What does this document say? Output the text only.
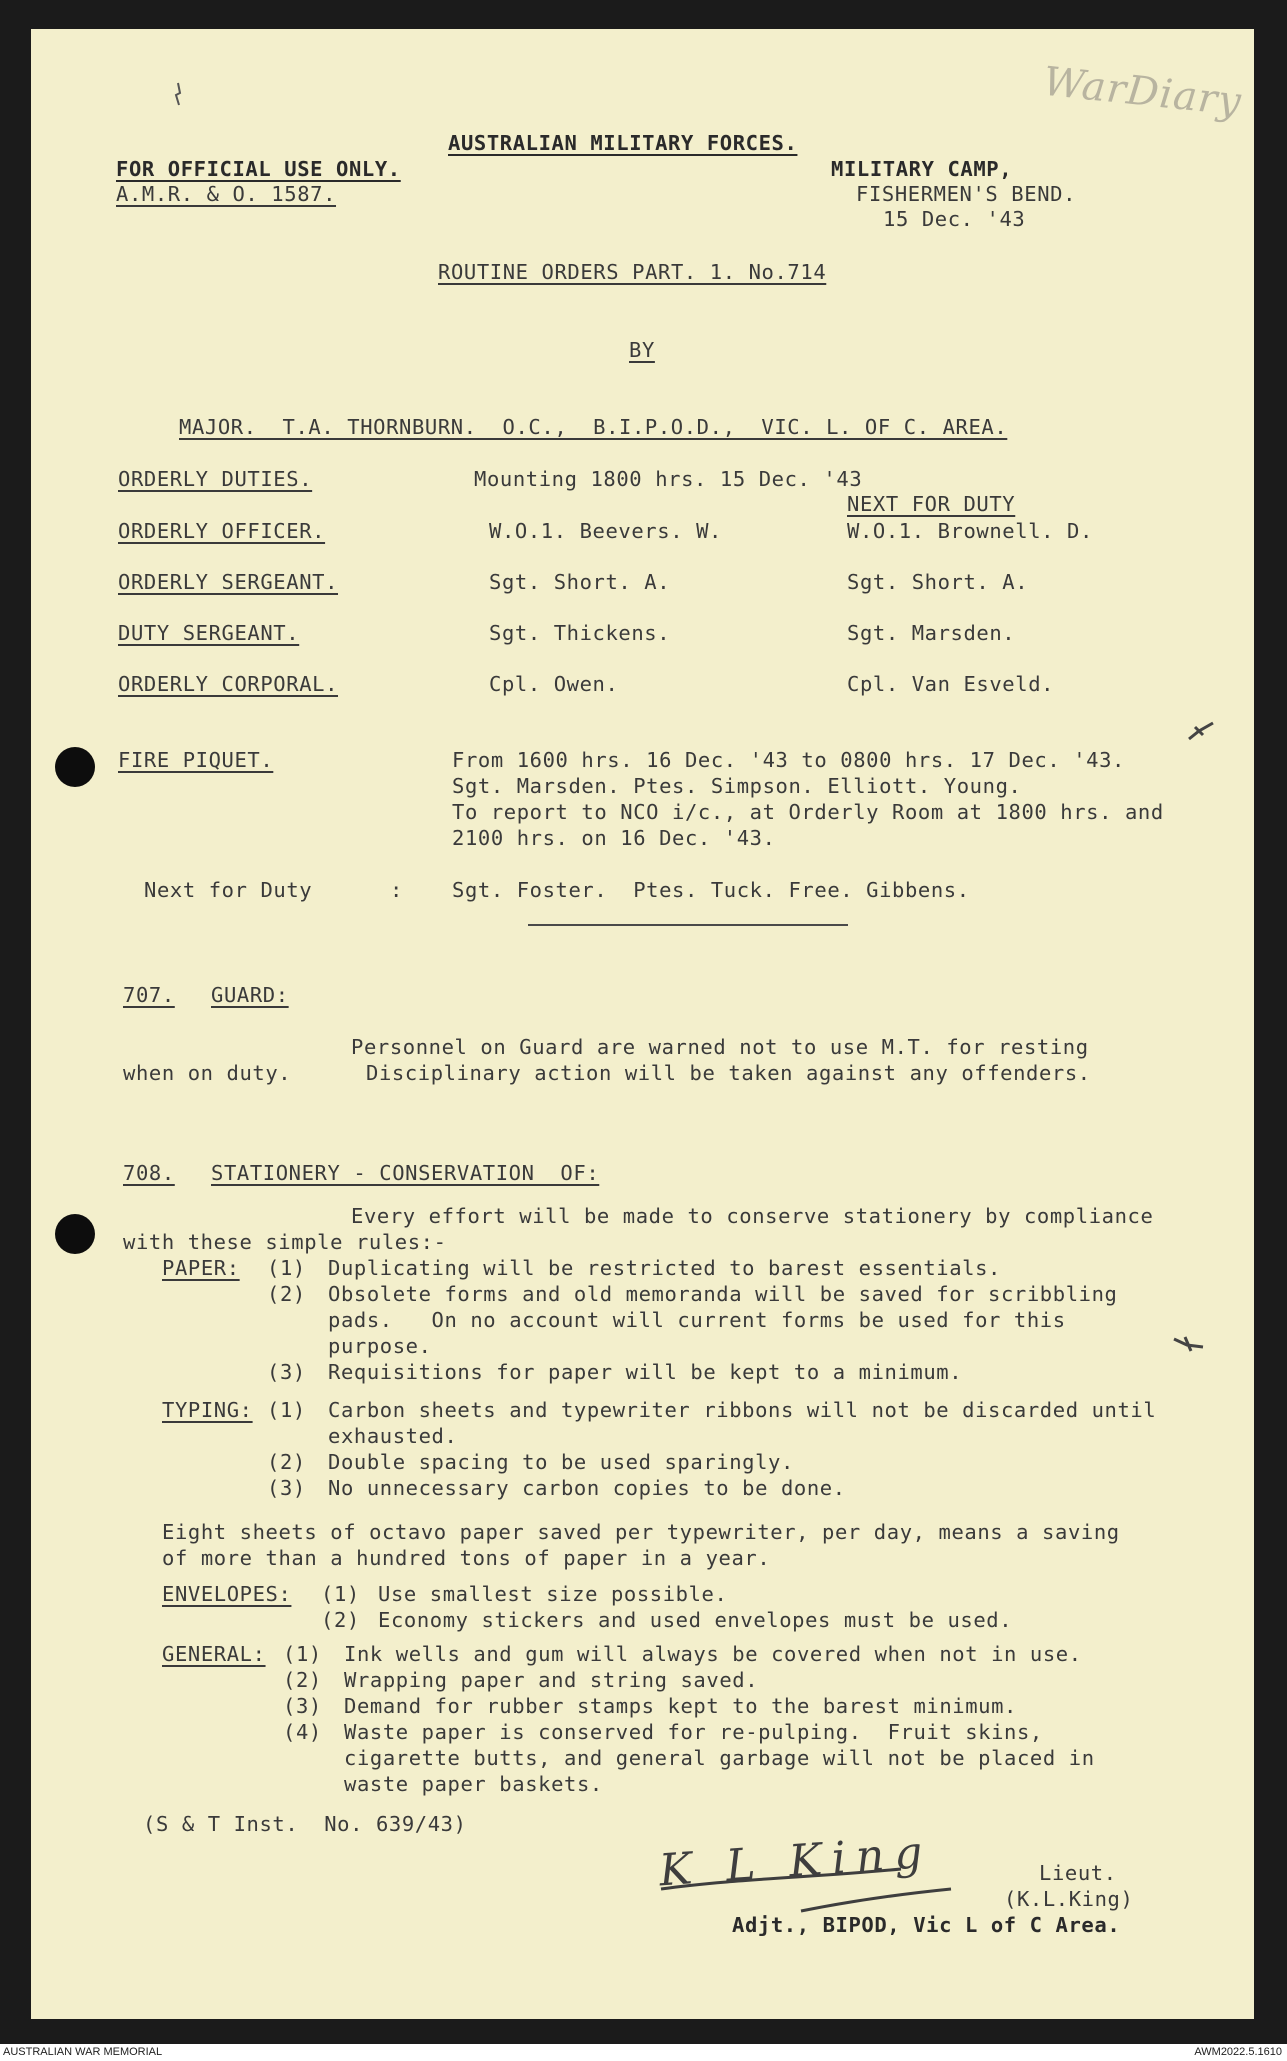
WarDiary
AUSTRALIAN MILITARY FORCES.
FOR OFFICIAL USE ONLY.
A.M.R. & O. 1587.
MILITARY CAMP,
FISHERMEN'S BEND.
15 Dec. '43
ROUTINE ORDERS PART. 1. No.714
BY
MAJOR.  T.A. THORNBURN.  O.C.,  B.I.P.O.D.,  VIC. L. OF C. AREA.
ORDERLY DUTIES.	Mounting 1800 hrs. 15 Dec. '43
NEXT FOR DUTY
ORDERLY OFFICER.	W.O.1. Beevers. W.	W.O.1. Brownell. D.
ORDERLY SERGEANT.	Sgt. Short. A.	Sgt. Short. A.
DUTY SERGEANT.	Sgt. Thickens.	Sgt. Marsden.
ORDERLY CORPORAL.	Cpl. Owen.	Cpl. Van Esveld.
FIRE PIQUET.	From 1600 hrs. 16 Dec. '43 to 0800 hrs. 17 Dec. '43.
Sgt. Marsden. Ptes. Simpson. Elliott. Young.
To report to NCO i/c., at Orderly Room at 1800 hrs. and
2100 hrs. on 16 Dec. '43.
Next for Duty	: Sgt. Foster.  Ptes. Tuck. Free. Gibbens.
707. GUARD:
Personnel on Guard are warned not to use M.T. for resting
when on duty.	Disciplinary action will be taken against any offenders.
708. STATIONERY - CONSERVATION  OF:
Every effort will be made to conserve stationery by compliance
with these simple rules:-
PAPER: (1) Duplicating will be restricted to barest essentials.
(2) Obsolete forms and old memoranda will be saved for scribbling
pads.   On no account will current forms be used for this
purpose.
(3) Requisitions for paper will be kept to a minimum.
TYPING: (1) Carbon sheets and typewriter ribbons will not be discarded until
exhausted.
(2) Double spacing to be used sparingly.
(3) No unnecessary carbon copies to be done.
Eight sheets of octavo paper saved per typewriter, per day, means a saving
of more than a hundred tons of paper in a year.
ENVELOPES: (1) Use smallest size possible.
(2) Economy stickers and used envelopes must be used.
GENERAL: (1) Ink wells and gum will always be covered when not in use.
(2) Wrapping paper and string saved.
(3) Demand for rubber stamps kept to the barest minimum.
(4) Waste paper is conserved for re-pulping.  Fruit skins,
cigarette butts, and general garbage will not be placed in
waste paper baskets.
(S & T Inst.  No. 639/43)
K L King	Lieut.
(K.L.King)
Adjt., BIPOD, Vic L of C Area.
AUSTRALIAN WAR MEMORIAL	AWM2022.5.1610
